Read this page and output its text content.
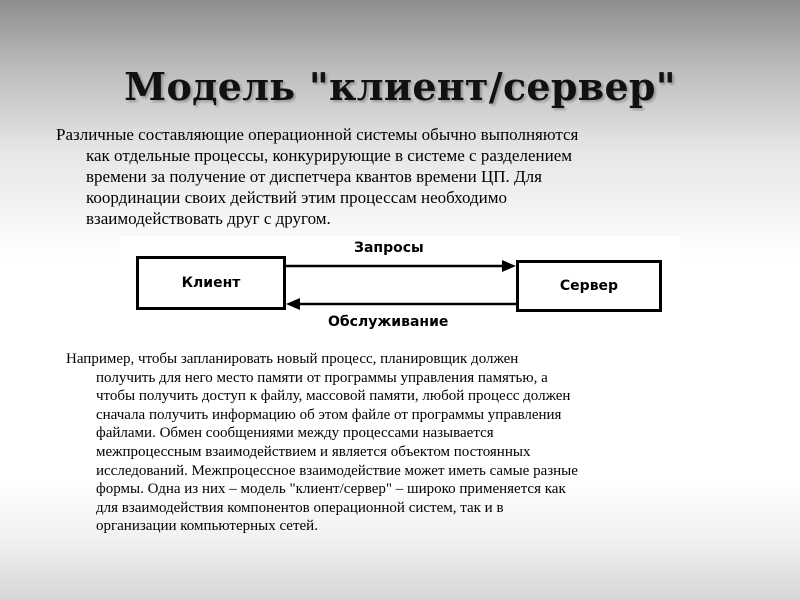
Модель "клиент/сервер"

Различные составляющие операционной системы обычно выполняются
как отдельные процессы, конкурирующие в системе с разделением
времени за получение от диспетчера квантов времени ЦП. Для
координации своих действий этим процессам необходимо
взаимодействовать друг с другом.

Клиент	Сервер
Запросы
Обслуживание

Например, чтобы запланировать новый процесс, планировщик должен
получить для него место памяти от программы управления памятью, а
чтобы получить доступ к файлу, массовой памяти, любой процесс должен
сначала получить информацию об этом файле от программы управления
файлами. Обмен сообщениями между процессами называется
межпроцессным взаимодействием и является объектом постоянных
исследований. Межпроцессное взаимодействие может иметь самые разные
формы. Одна из них – модель "клиент/сервер" – широко применяется как
для взаимодействия компонентов операционной систем, так и в
организации компьютерных сетей.
